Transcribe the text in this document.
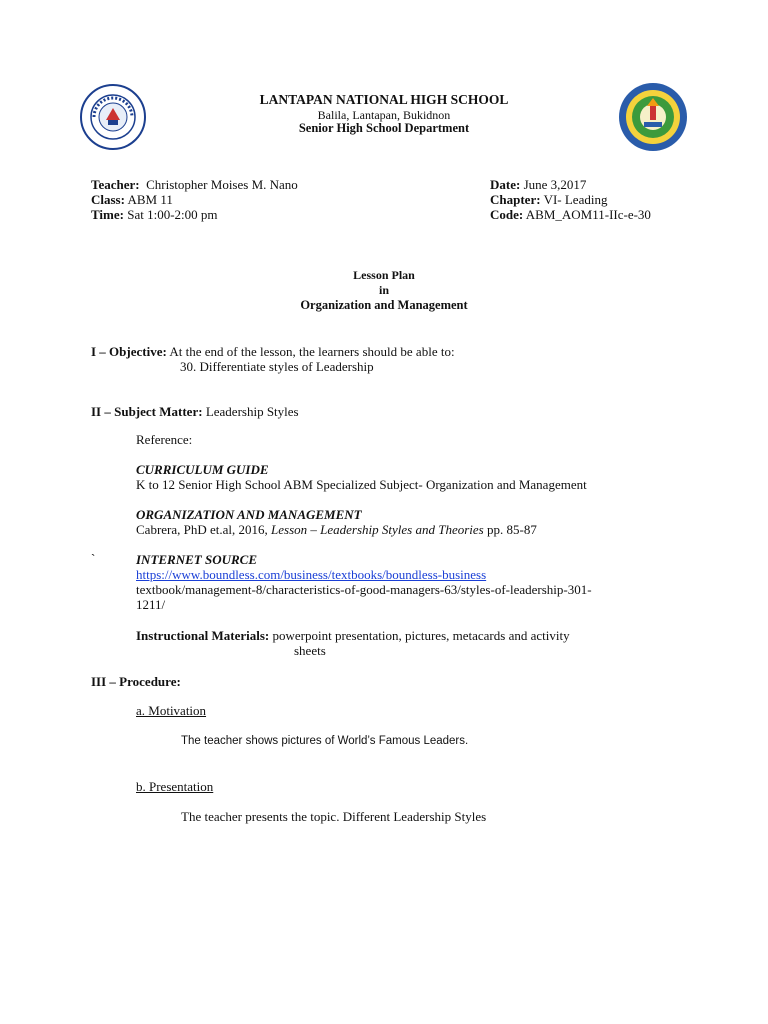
LANTAPAN NATIONAL HIGH SCHOOL
Balila, Lantapan, Bukidnon
Senior High School Department
Teacher: Christopher Moises M. Nano
Class: ABM 11
Time: Sat 1:00-2:00 pm
Date: June 3,2017
Chapter: VI- Leading
Code: ABM_AOM11-IIc-e-30
Lesson Plan
in
Organization and Management
I – Objective: At the end of the lesson, the learners should be able to:
30. Differentiate styles of Leadership
II – Subject Matter: Leadership Styles
Reference:
CURRICULUM GUIDE
K to 12 Senior High School ABM Specialized Subject- Organization and Management
ORGANIZATION AND MANAGEMENT
Cabrera, PhD et.al, 2016, Lesson – Leadership Styles and Theories pp. 85-87
`	INTERNET SOURCE
https://www.boundless.com/business/textbooks/boundless-business
textbook/management-8/characteristics-of-good-managers-63/styles-of-leadership-301-
1211/
Instructional Materials: powerpoint presentation, pictures, metacards and activity
sheets
III – Procedure:
a. Motivation
The teacher shows pictures of World’s Famous Leaders.
b. Presentation
The teacher presents the topic. Different Leadership Styles
